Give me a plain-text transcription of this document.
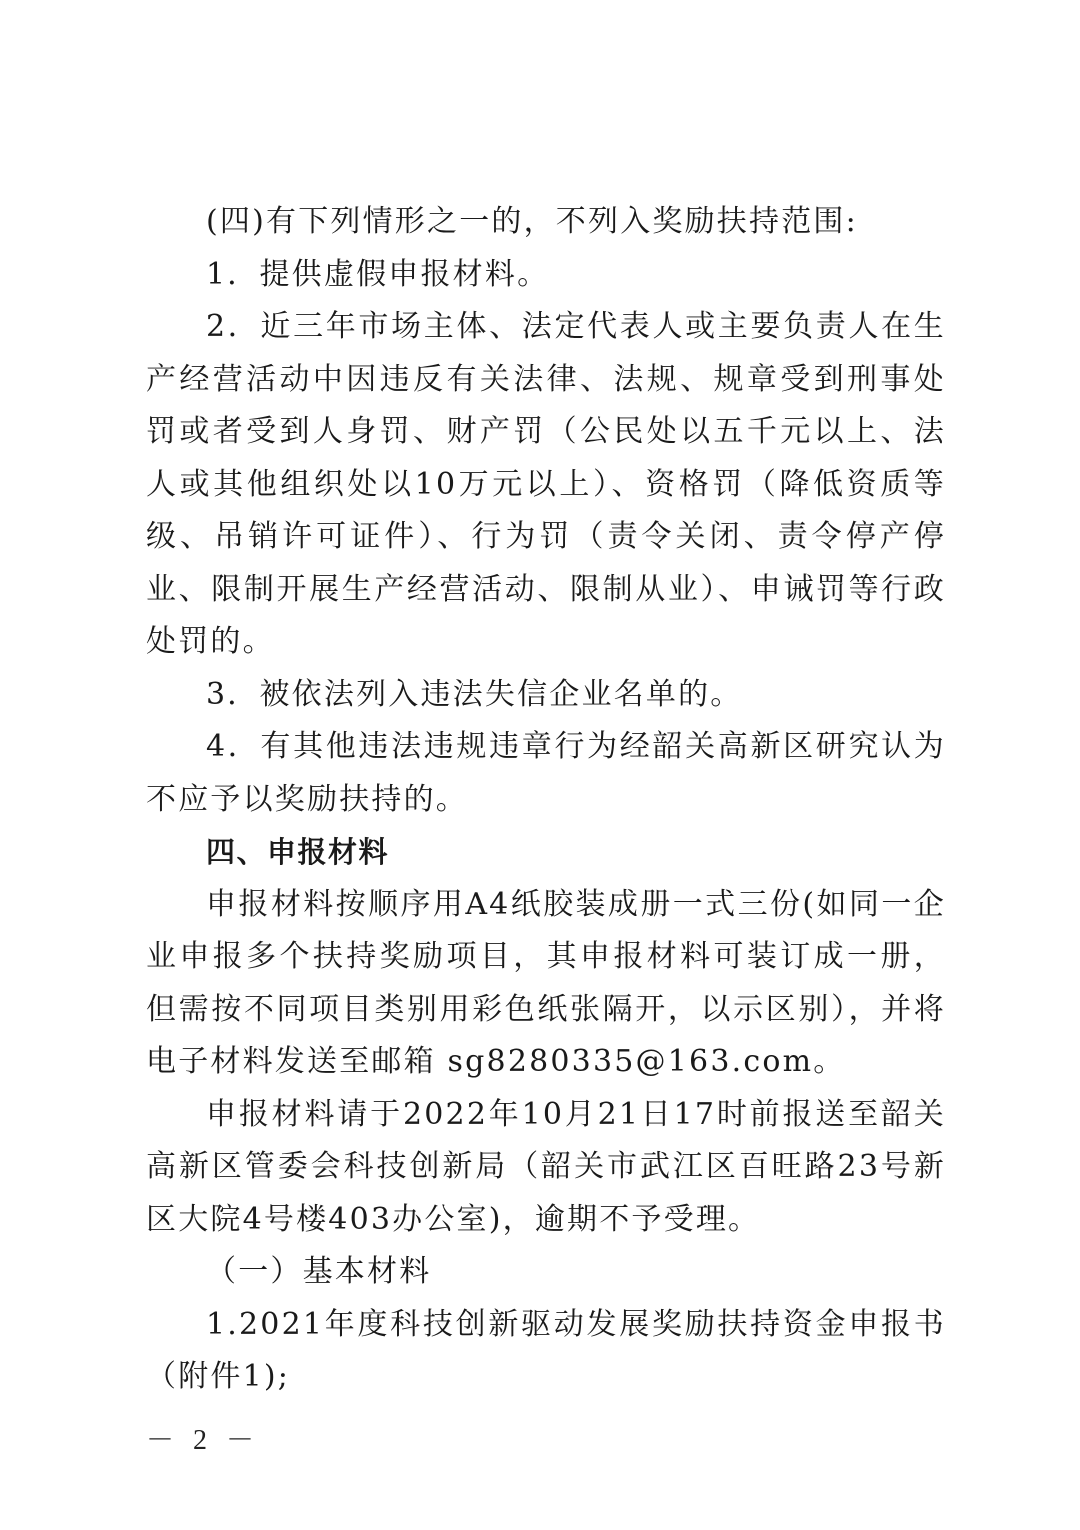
(四)有下列情形之一的，不列入奖励扶持范围:

1．提供虚假申报材料。

2．近三年市场主体、法定代表人或主要负责人在生产经营活动中因违反有关法律、法规、规章受到刑事处罚或者受到人身罚、财产罚（公民处以五千元以上、法人或其他组织处以10万元以上）、资格罚（降低资质等级、吊销许可证件）、行为罚（责令关闭、责令停产停业、限制开展生产经营活动、限制从业）、申诫罚等行政处罚的。

3．被依法列入违法失信企业名单的。

4．有其他违法违规违章行为经韶关高新区研究认为不应予以奖励扶持的。

四、申报材料

申报材料按顺序用A4纸胶装成册一式三份(如同一企业申报多个扶持奖励项目，其申报材料可装订成一册，但需按不同项目类别用彩色纸张隔开，以示区别），并将电子材料发送至邮箱 sg8280335@163.com。

申报材料请于2022年10月21日17时前报送至韶关高新区管委会科技创新局（韶关市武江区百旺路23号新区大院4号楼403办公室)，逾期不予受理。

（一）基本材料

1.2021年度科技创新驱动发展奖励扶持资金申报书（附件1);

－ 2 －
